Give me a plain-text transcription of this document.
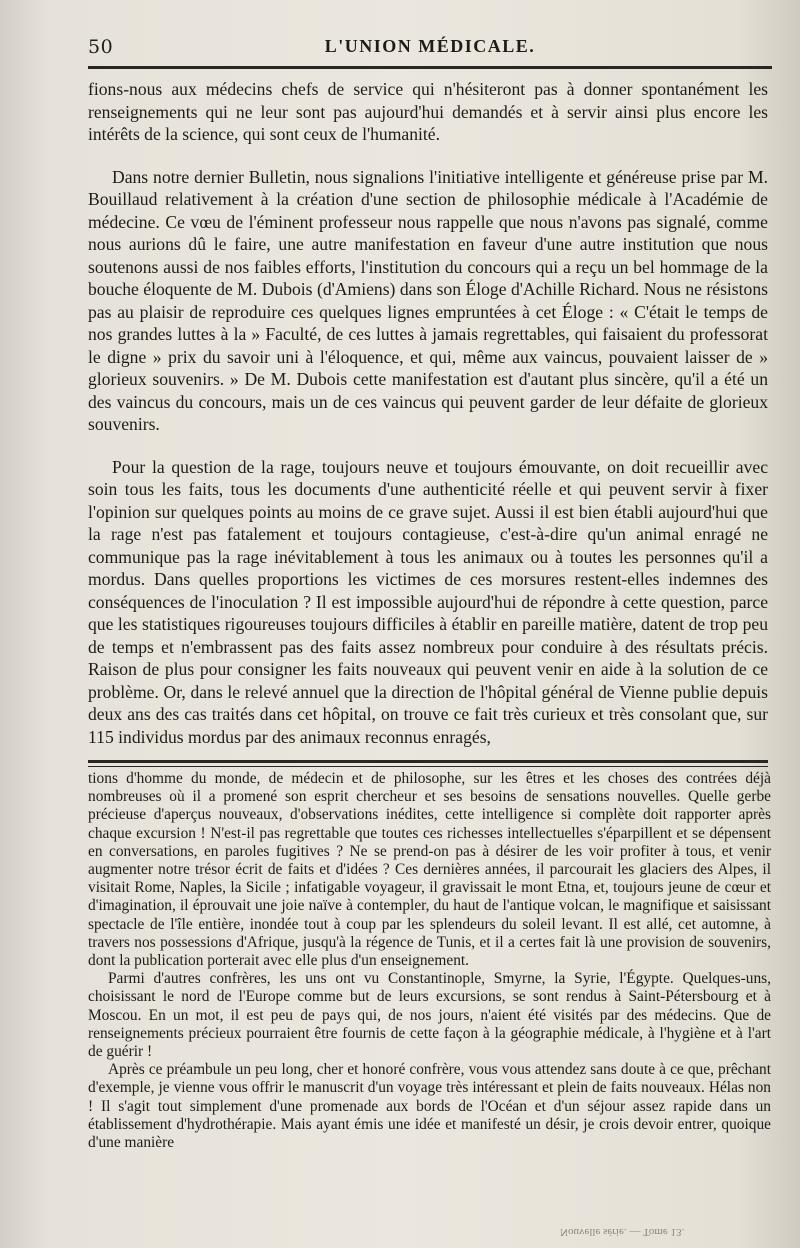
50	L'UNION MÉDICALE.

fions-nous aux médecins chefs de service qui n'hésiteront pas à donner spontanément les renseignements qui ne leur sont pas aujourd'hui demandés et à servir ainsi plus encore les intérêts de la science, qui sont ceux de l'humanité.

Dans notre dernier Bulletin, nous signalions l'initiative intelligente et généreuse prise par M. Bouillaud relativement à la création d'une section de philosophie médicale à l'Académie de médecine. Ce vœu de l'éminent professeur nous rappelle que nous n'avons pas signalé, comme nous aurions dû le faire, une autre manifestation en faveur d'une autre institution que nous soutenons aussi de nos faibles efforts, l'institution du concours qui a reçu un bel hommage de la bouche éloquente de M. Dubois (d'Amiens) dans son Éloge d'Achille Richard. Nous ne résistons pas au plaisir de reproduire ces quelques lignes empruntées à cet Éloge : « C'était le temps de nos grandes luttes à la » Faculté, de ces luttes à jamais regrettables, qui faisaient du professorat le digne » prix du savoir uni à l'éloquence, et qui, même aux vaincus, pouvaient laisser de » glorieux souvenirs. » De M. Dubois cette manifestation est d'autant plus sincère, qu'il a été un des vaincus du concours, mais un de ces vaincus qui peuvent garder de leur défaite de glorieux souvenirs.

Pour la question de la rage, toujours neuve et toujours émouvante, on doit recueillir avec soin tous les faits, tous les documents d'une authenticité réelle et qui peuvent servir à fixer l'opinion sur quelques points au moins de ce grave sujet. Aussi il est bien établi aujourd'hui que la rage n'est pas fatalement et toujours contagieuse, c'est-à-dire qu'un animal enragé ne communique pas la rage inévitablement à tous les animaux ou à toutes les personnes qu'il a mordus. Dans quelles proportions les victimes de ces morsures restent-elles indemnes des conséquences de l'inoculation ? Il est impossible aujourd'hui de répondre à cette question, parce que les statistiques rigoureuses toujours difficiles à établir en pareille matière, datent de trop peu de temps et n'embrassent pas des faits assez nombreux pour conduire à des résultats précis. Raison de plus pour consigner les faits nouveaux qui peuvent venir en aide à la solution de ce problème. Or, dans le relevé annuel que la direction de l'hôpital général de Vienne publie depuis deux ans des cas traités dans cet hôpital, on trouve ce fait très curieux et très consolant que, sur 115 individus mordus par des animaux reconnus enragés,

tions d'homme du monde, de médecin et de philosophe, sur les êtres et les choses des contrées déjà nombreuses où il a promené son esprit chercheur et ses besoins de sensations nouvelles. Quelle gerbe précieuse d'aperçus nouveaux, d'observations inédites, cette intelligence si complète doit rapporter après chaque excursion ! N'est-il pas regrettable que toutes ces richesses intellectuelles s'éparpillent et se dépensent en conversations, en paroles fugitives ? Ne se prend-on pas à désirer de les voir profiter à tous, et venir augmenter notre trésor écrit de faits et d'idées ? Ces dernières années, il parcourait les glaciers des Alpes, il visitait Rome, Naples, la Sicile ; infatigable voyageur, il gravissait le mont Etna, et, toujours jeune de cœur et d'imagination, il éprouvait une joie naïve à contempler, du haut de l'antique volcan, le magnifique et saisissant spectacle de l'île entière, inondée tout à coup par les splendeurs du soleil levant. Il est allé, cet automne, à travers nos possessions d'Afrique, jusqu'à la régence de Tunis, et il a certes fait là une provision de souvenirs, dont la publication porterait avec elle plus d'un enseignement.

Parmi d'autres confrères, les uns ont vu Constantinople, Smyrne, la Syrie, l'Égypte. Quelques-uns, choisissant le nord de l'Europe comme but de leurs excursions, se sont rendus à Saint-Pétersbourg et à Moscou. En un mot, il est peu de pays qui, de nos jours, n'aient été visités par des médecins. Que de renseignements précieux pourraient être fournis de cette façon à la géographie médicale, à l'hygiène et à l'art de guérir !

Après ce préambule un peu long, cher et honoré confrère, vous vous attendez sans doute à ce que, prêchant d'exemple, je vienne vous offrir le manuscrit d'un voyage très intéressant et plein de faits nouveaux. Hélas non ! Il s'agit tout simplement d'une promenade aux bords de l'Océan et d'un séjour assez rapide dans un établissement d'hydrothérapie. Mais ayant émis une idée et manifesté un désir, je crois devoir entrer, quoique d'une manière

Nouvelle série. — Tome 13.
